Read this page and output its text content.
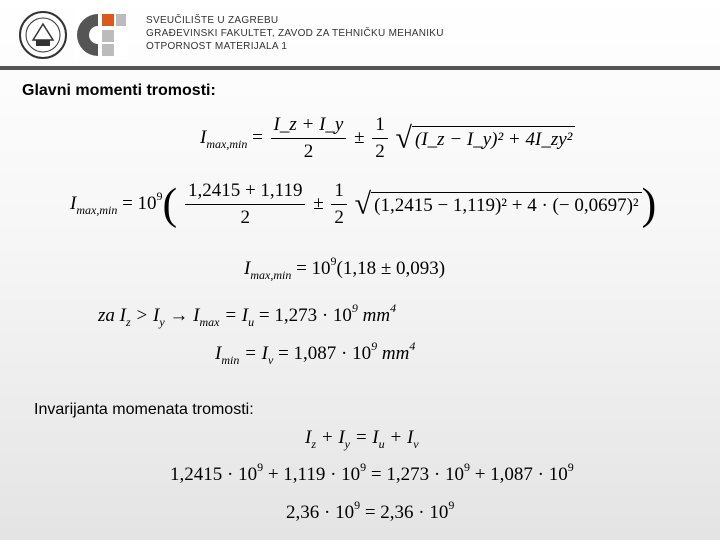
SVEUČILIŠTE U ZAGREBU
GRAĐEVINSKI FAKULTET, ZAVOD ZA TEHNIČKU MEHANIKU
OTPORNOST MATERIJALA 1
Glavni momenti tromosti:
$I_{max,min} = \frac{I\_z + I\_y}{2} \pm \frac{1}{2}$ √ (I_z − I_y)² + 4I_zy²
$I_{max,min} = 10^9( \frac{1,2415 + 1,119}{2} \pm \frac{1}{2}$ √ (1,2415 − 1,119)² + 4 · (− 0,0697)²)
$I_{max,min} = 10^9(1,18 \pm 0,093)$
za $I_z > I_y \to I_{max} = I_u = 1,273 \cdot 10^9$ $mm^4$
$I_{min} = I_v = 1,087 \cdot 10^9$ $mm^4$
Invarijanta momenata tromosti:
$I_z + I_y = I_u + I_v$
$1,2415 \cdot 10^9 + 1,119 \cdot 10^9 = 1,273 \cdot 10^9 + 1,087 \cdot 10^9$
$2,36 \cdot 10^9 = 2,36 \cdot 10^9$
